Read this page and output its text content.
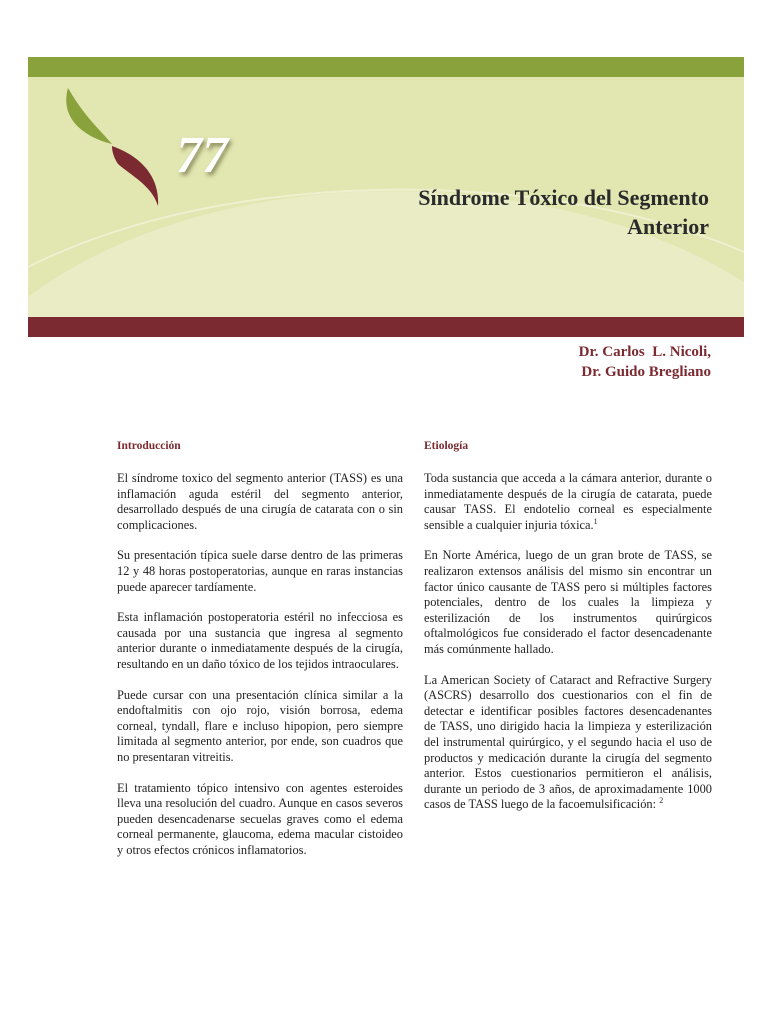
77
Síndrome Tóxico del Segmento
Anterior
Dr. Carlos  L. Nicoli,
Dr. Guido Bregliano
Introducción

El síndrome toxico del segmento anterior (TASS) es una inflamación aguda estéril del segmento anterior, desarrollado después de una cirugía de catarata con o sin complicaciones.

Su presentación típica suele darse dentro de las primeras 12 y 48 horas postoperatorias, aunque en raras instancias puede aparecer tardíamente.

Esta inflamación postoperatoria estéril no infecciosa es causada por una sustancia que ingresa al segmento anterior durante o inmediatamente después de la cirugía, resultando en un daño tóxico de los tejidos intraoculares.

Puede cursar con una presentación clínica similar a la endoftalmitis con ojo rojo, visión borrosa, edema corneal, tyndall, flare e incluso hipopion, pero siempre limitada al segmento anterior, por ende, son cuadros que no presentaran vitreitis.

El tratamiento tópico intensivo con agentes esteroides lleva una resolución del cuadro. Aunque en casos severos pueden desencadenarse secuelas graves como el edema corneal permanente, glaucoma, edema macular cistoideo y otros efectos crónicos inflamatorios.

Etiología

Toda sustancia que acceda a la cámara anterior, durante o inmediatamente después de la cirugía de catarata, puede causar TASS. El endotelio corneal es especialmente sensible a cualquier injuria tóxica.$^1$

En Norte América, luego de un gran brote de TASS, se realizaron extensos análisis del mismo sin encontrar un factor único causante de TASS pero si múltiples factores potenciales, dentro de los cuales la limpieza y esterilización de los instrumentos quirúrgicos oftalmológicos fue considerado el factor desencadenante más comúnmente hallado.

La American Society of Cataract and Refractive Surgery (ASCRS) desarrollo dos cuestionarios con el fin de detectar e identificar posibles factores desencadenantes de TASS, uno dirigido hacia la limpieza y esterilización del instrumental quirúrgico, y el segundo hacia el uso de productos y medicación durante la cirugía del segmento anterior. Estos cuestionarios permitieron el análisis, durante un periodo de 3 años, de aproximadamente 1000 casos de TASS luego de la facoemulsificación: $^2$
